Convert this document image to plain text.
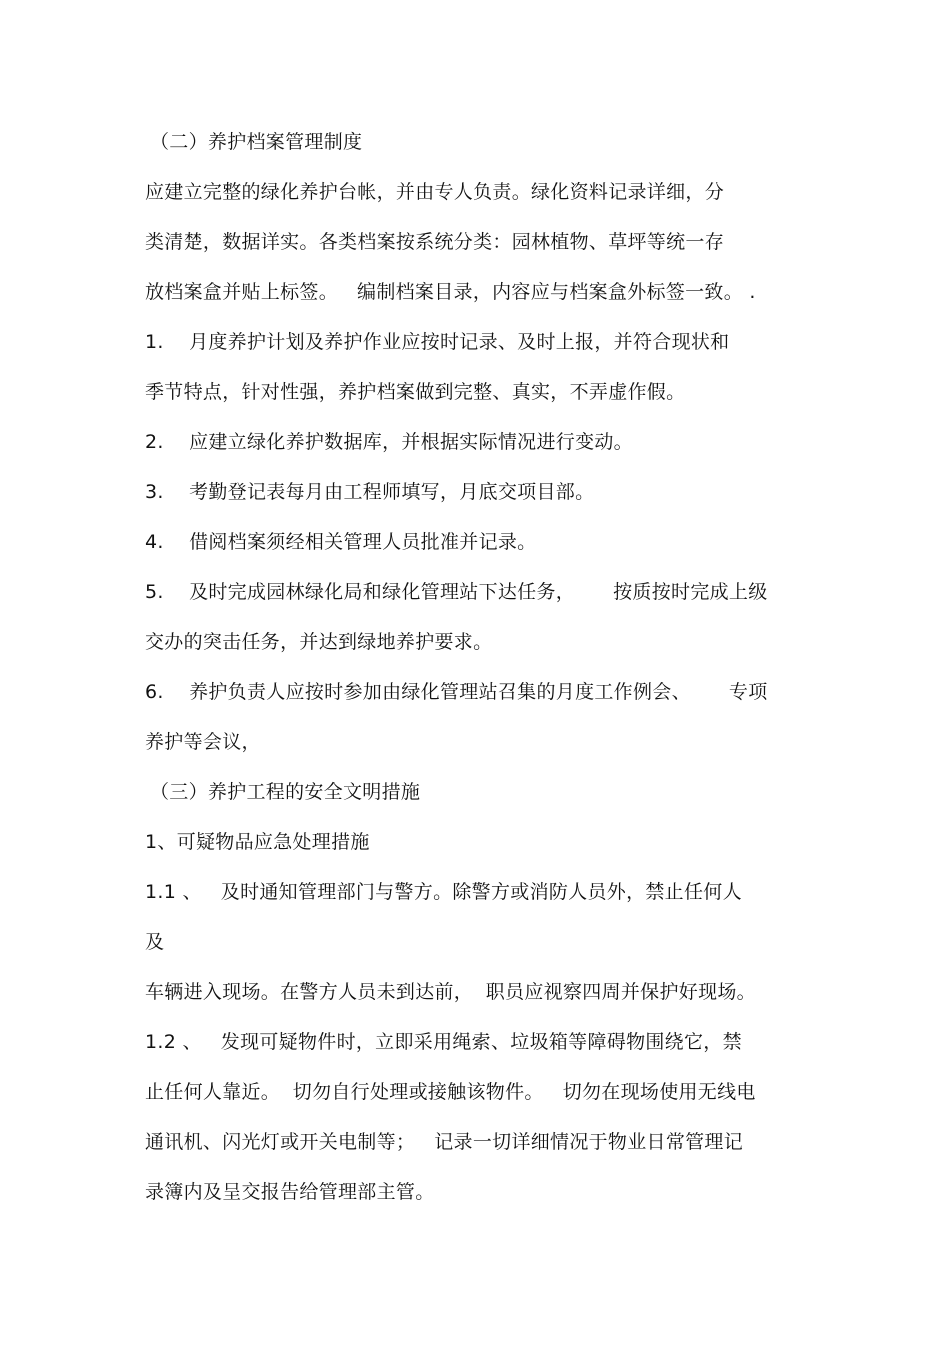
（二）养护档案管理制度
应建立完整的绿化养护台帐，并由专人负责。绿化资料记录详细，分
类清楚，数据详实。各类档案按系统分类：园林植物、草坪等统一存
放档案盒并贴上标签。   编制档案目录，内容应与档案盒外标签一致。 .
1.    月度养护计划及养护作业应按时记录、及时上报，并符合现状和
季节特点，针对性强，养护档案做到完整、真实，不弄虚作假。
2.    应建立绿化养护数据库，并根据实际情况进行变动。
3.    考勤登记表每月由工程师填写，月底交项目部。
4.    借阅档案须经相关管理人员批准并记录。
5.    及时完成园林绿化局和绿化管理站下达任务，      按质按时完成上级
交办的突击任务，并达到绿地养护要求。
6.    养护负责人应按时参加由绿化管理站召集的月度工作例会、      专项
养护等会议，
（三）养护工程的安全文明措施
1、可疑物品应急处理措施
1.1 、   及时通知管理部门与警方。除警方或消防人员外，禁止任何人
及
车辆进入现场。在警方人员未到达前，  职员应视察四周并保护好现场。
1.2 、   发现可疑物件时，立即采用绳索、垃圾箱等障碍物围绕它，禁
止任何人靠近。  切勿自行处理或接触该物件。   切勿在现场使用无线电
通讯机、闪光灯或开关电制等；   记录一切详细情况于物业日常管理记
录簿内及呈交报告给管理部主管。
